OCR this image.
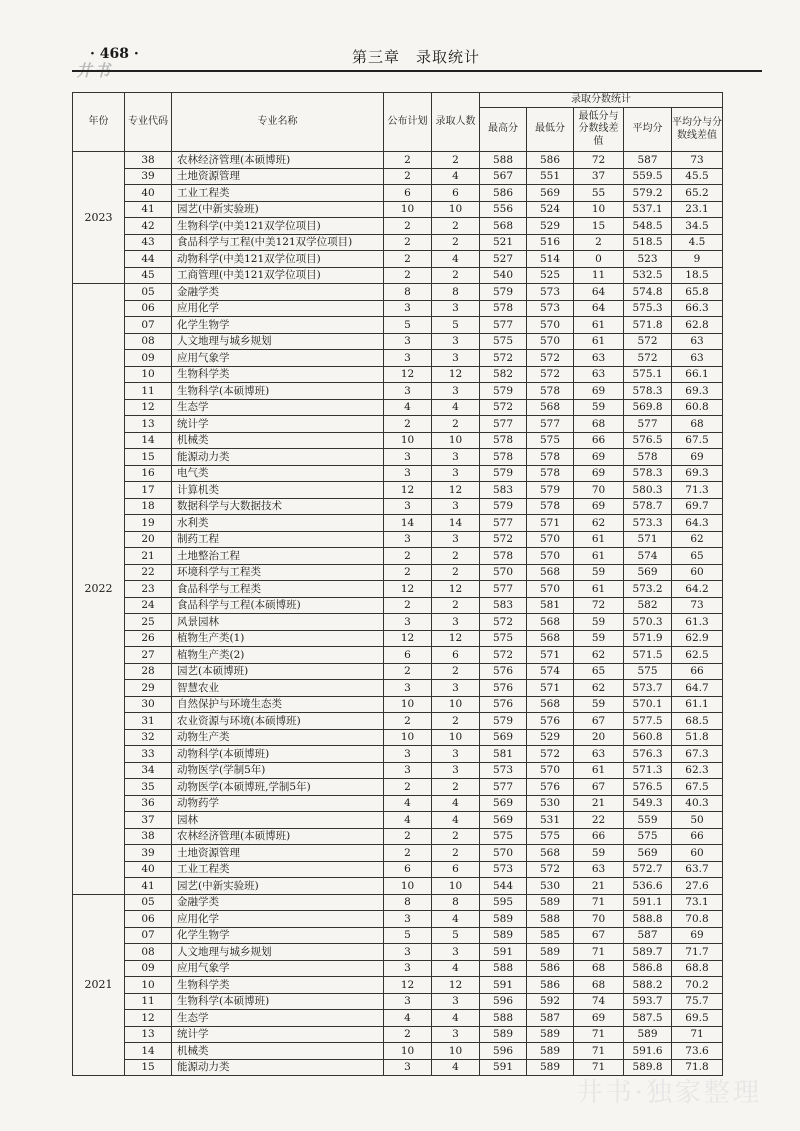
· 468 ·	第三章　录取统计
井书
年份	专业代码	专业名称	公布计划	录取人数	录取分数统计				
					最高分	最低分	最低分与分数线差值	平均分	平均分与分数线差值
2023	38	农林经济管理(本硕博班)	2	2	588	586	72	587	73
	39	土地资源管理	2	4	567	551	37	559.5	45.5
	40	工业工程类	6	6	586	569	55	579.2	65.2
	41	园艺(中新实验班)	10	10	556	524	10	537.1	23.1
	42	生物科学(中美121双学位项目)	2	2	568	529	15	548.5	34.5
	43	食品科学与工程(中美121双学位项目)	2	2	521	516	2	518.5	4.5
	44	动物科学(中美121双学位项目)	2	4	527	514	0	523	9
	45	工商管理(中美121双学位项目)	2	2	540	525	11	532.5	18.5
2022	05	金融学类	8	8	579	573	64	574.8	65.8
	06	应用化学	3	3	578	573	64	575.3	66.3
	07	化学生物学	5	5	577	570	61	571.8	62.8
	08	人文地理与城乡规划	3	3	575	570	61	572	63
	09	应用气象学	3	3	572	572	63	572	63
	10	生物科学类	12	12	582	572	63	575.1	66.1
	11	生物科学(本硕博班)	3	3	579	578	69	578.3	69.3
	12	生态学	4	4	572	568	59	569.8	60.8
	13	统计学	2	2	577	577	68	577	68
	14	机械类	10	10	578	575	66	576.5	67.5
	15	能源动力类	3	3	578	578	69	578	69
	16	电气类	3	3	579	578	69	578.3	69.3
	17	计算机类	12	12	583	579	70	580.3	71.3
	18	数据科学与大数据技术	3	3	579	578	69	578.7	69.7
	19	水利类	14	14	577	571	62	573.3	64.3
	20	制药工程	3	3	572	570	61	571	62
	21	土地整治工程	2	2	578	570	61	574	65
	22	环境科学与工程类	2	2	570	568	59	569	60
	23	食品科学与工程类	12	12	577	570	61	573.2	64.2
	24	食品科学与工程(本硕博班)	2	2	583	581	72	582	73
	25	风景园林	3	3	572	568	59	570.3	61.3
	26	植物生产类(1)	12	12	575	568	59	571.9	62.9
	27	植物生产类(2)	6	6	572	571	62	571.5	62.5
	28	园艺(本硕博班)	2	2	576	574	65	575	66
	29	智慧农业	3	3	576	571	62	573.7	64.7
	30	自然保护与环境生态类	10	10	576	568	59	570.1	61.1
	31	农业资源与环境(本硕博班)	2	2	579	576	67	577.5	68.5
	32	动物生产类	10	10	569	529	20	560.8	51.8
	33	动物科学(本硕博班)	3	3	581	572	63	576.3	67.3
	34	动物医学(学制5年)	3	3	573	570	61	571.3	62.3
	35	动物医学(本硕博班,学制5年)	2	2	577	576	67	576.5	67.5
	36	动物药学	4	4	569	530	21	549.3	40.3
	37	园林	4	4	569	531	22	559	50
	38	农林经济管理(本硕博班)	2	2	575	575	66	575	66
	39	土地资源管理	2	2	570	568	59	569	60
	40	工业工程类	6	6	573	572	63	572.7	63.7
	41	园艺(中新实验班)	10	10	544	530	21	536.6	27.6
2021	05	金融学类	8	8	595	589	71	591.1	73.1
	06	应用化学	3	4	589	588	70	588.8	70.8
	07	化学生物学	5	5	589	585	67	587	69
	08	人文地理与城乡规划	3	3	591	589	71	589.7	71.7
	09	应用气象学	3	4	588	586	68	586.8	68.8
	10	生物科学类	12	12	591	586	68	588.2	70.2
	11	生物科学(本硕博班)	3	3	596	592	74	593.7	75.7
	12	生态学	4	4	588	587	69	587.5	69.5
	13	统计学	2	3	589	589	71	589	71
	14	机械类	10	10	596	589	71	591.6	73.6
	15	能源动力类	3	4	591	589	71	589.8	71.8
井书·独家整理
